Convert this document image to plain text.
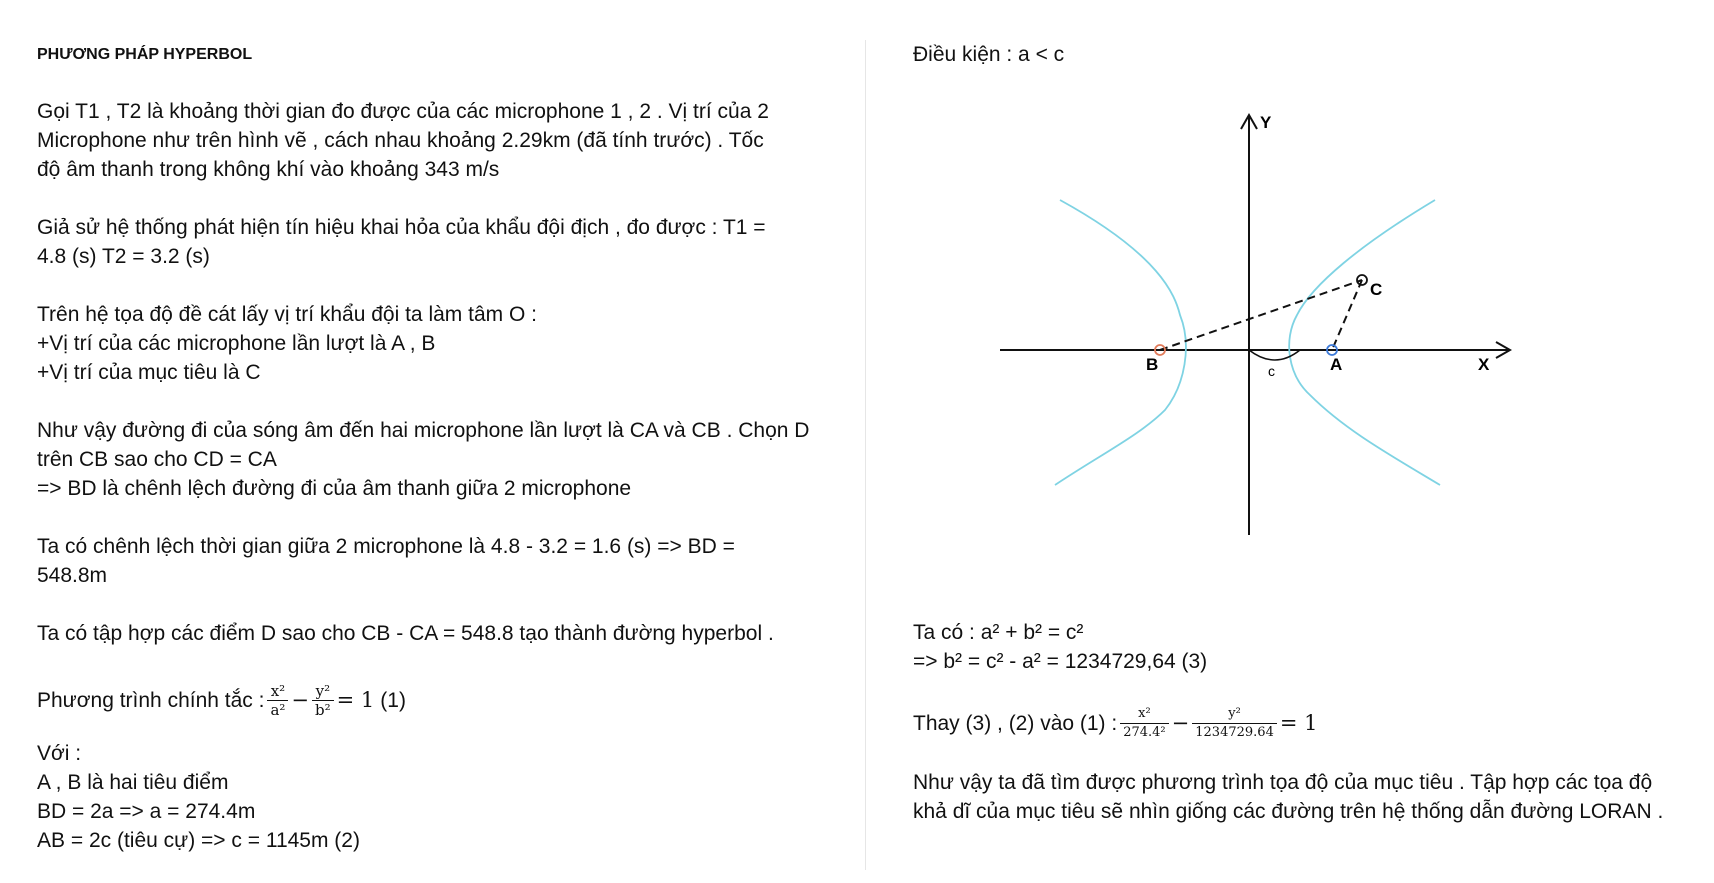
PHƯƠNG PHÁP HYPERBOL
Gọi T1 , T2 là khoảng thời gian đo được của các microphone 1 , 2 . Vị trí của 2
Microphone như trên hình vẽ , cách nhau khoảng 2.29km (đã tính trước) . Tốc
độ âm thanh trong không khí vào khoảng 343 m/s
Giả sử hệ thống phát hiện tín hiệu khai hỏa của khẩu đội địch , đo được : T1 =
4.8 (s) T2 = 3.2 (s)
Trên hệ tọa độ đề cát lấy vị trí khẩu đội ta làm tâm O :
+Vị trí của các microphone lần lượt là A , B
+Vị trí của mục tiêu là C
Như vậy đường đi của sóng âm đến hai microphone lần lượt là CA và CB . Chọn D
trên CB sao cho CD = CA
=> BD là chênh lệch đường đi của âm thanh giữa 2 microphone
Ta có chênh lệch thời gian giữa 2 microphone là 4.8 - 3.2 = 1.6 (s) => BD =
548.8m
Ta có tập hợp các điểm D sao cho CB - CA = 548.8 tạo thành đường hyperbol .
Phương trình chính tắc : $\frac{\text{x²}}{\text{a²}} - \frac{\text{y²}}{\text{b²}} = 1$ (1)
Với :
A , B là hai tiêu điểm
BD = 2a => a = 274.4m
AB = 2c (tiêu cự) => c = 1145m (2)
Điều kiện : a < c
Y
X
B	A
C
c
Ta có : a² + b² = c²
=> b² = c² - a² = 1234729,64 (3)
Thay (3) , (2) vào (1) : $\frac{\text{x²}}{\text{274.4²}} - \frac{\text{y²}}{1234729.64} = 1$
Như vậy ta đã tìm được phương trình tọa độ của mục tiêu . Tập hợp các tọa độ
khả dĩ của mục tiêu sẽ nhìn giống các đường trên hệ thống dẫn đường LORAN .
